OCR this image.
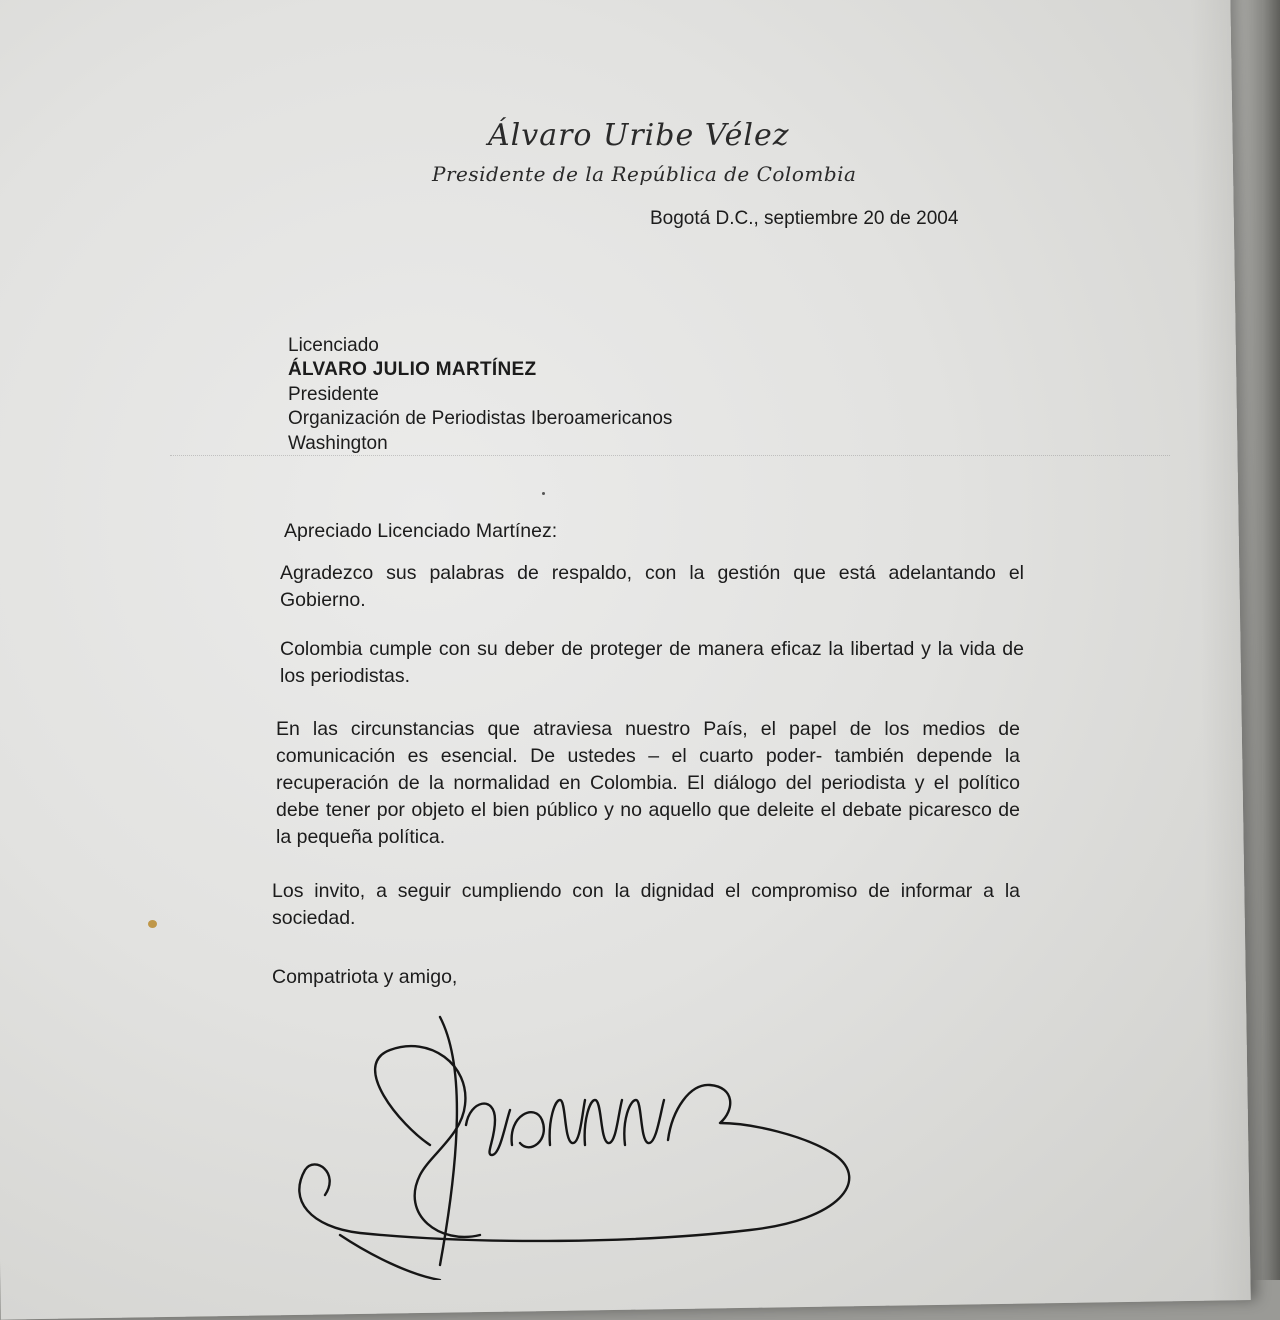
Álvaro Uribe Vélez
Presidente de la República de Colombia
Bogotá D.C., septiembre 20 de 2004
Licenciado
ÁLVARO JULIO MARTÍNEZ
Presidente
Organización de Periodistas Iberoamericanos
Washington
Apreciado Licenciado Martínez:
Agradezco sus palabras de respaldo, con la gestión que está adelantando el Gobierno.
Colombia cumple con su deber de proteger de manera eficaz la libertad y la vida de los periodistas.
En las circunstancias que atraviesa nuestro País, el papel de los medios de comunicación es esencial. De ustedes – el cuarto poder- también depende la recuperación de la normalidad en Colombia. El diálogo del periodista y el político debe tener por objeto el bien público y no aquello que deleite el debate picaresco de la pequeña política.
Los invito, a seguir cumpliendo con la dignidad el compromiso de informar a la sociedad.
Compatriota y amigo,
